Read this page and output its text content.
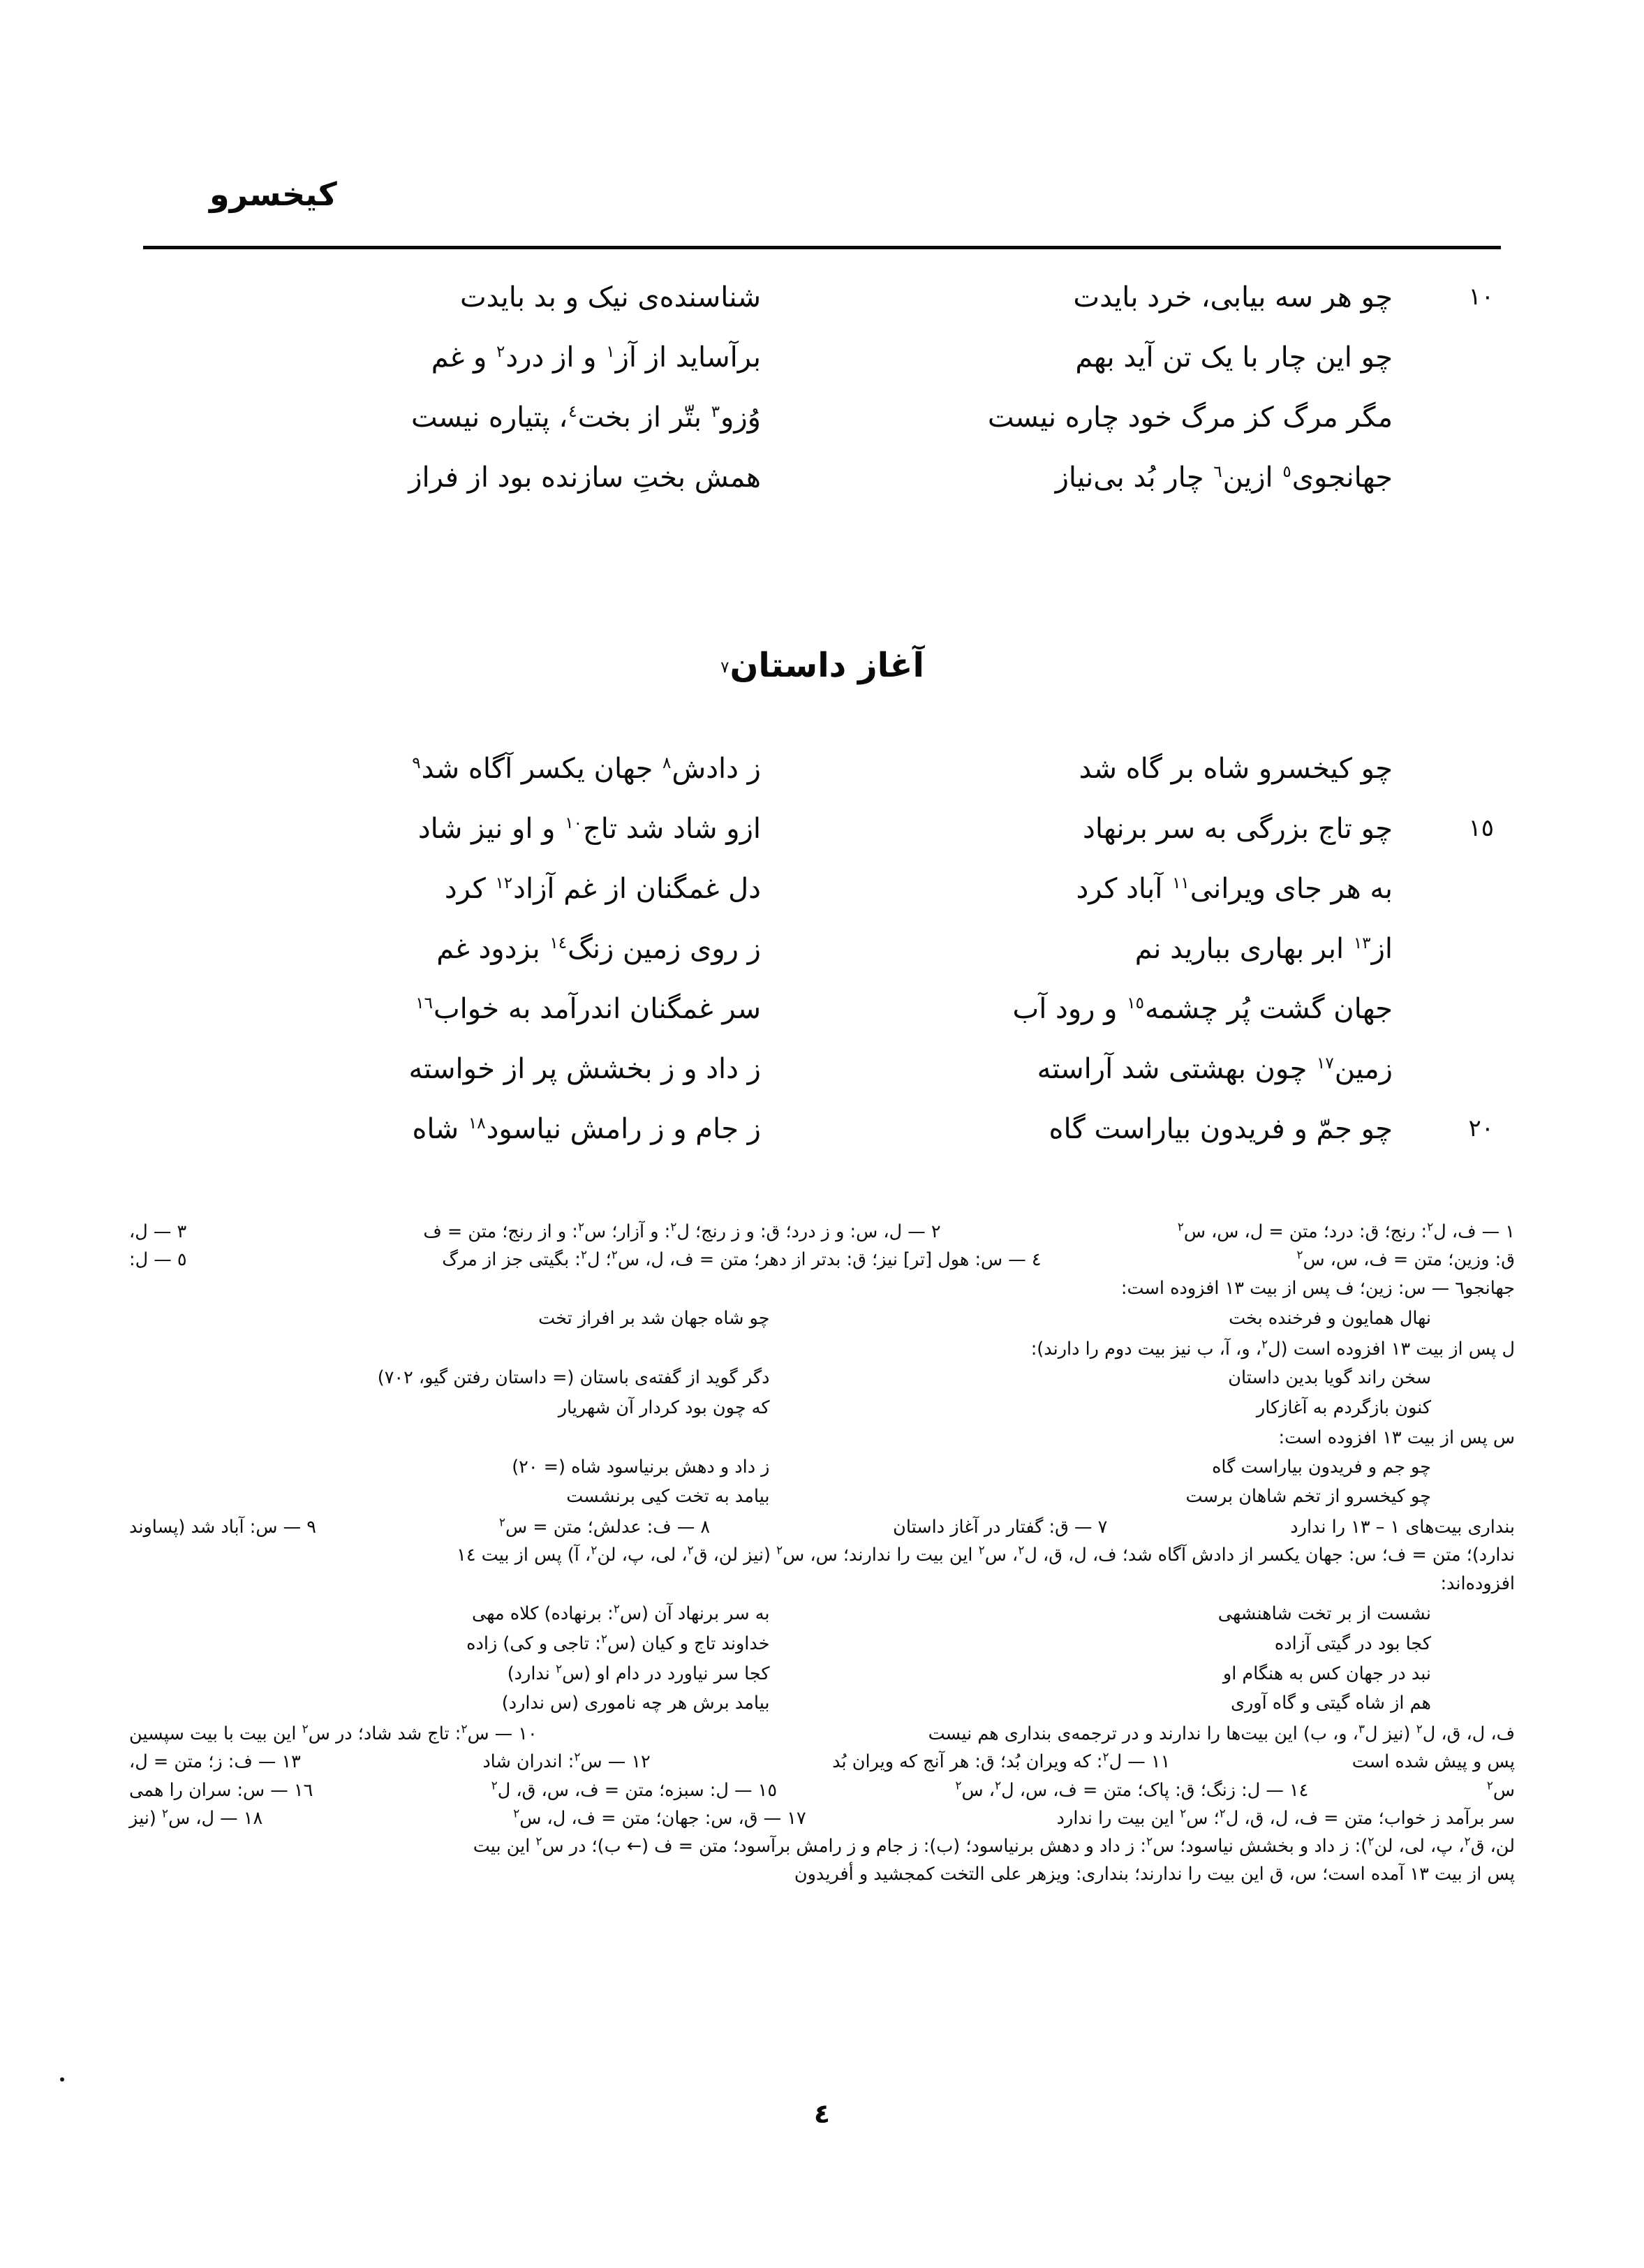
کیخسرو
١٠
چو هر سه بیابی، خرد بایدت
شناسنده‌ی نیک و بد بایدت
چو این چار با یک تن آید بهم
برآساید از آز$^١$ و از درد$^٢$ و غم
مگر مرگ کز مرگ خود چاره نیست
وُزو$^٣$ بتّر از بخت$^٤$، پتیاره نیست
جهانجوی$^٥$ ازین$^٦$ چار بُد بی‌نیاز
همش بختِ سازنده بود از فراز
آغاز داستان$^٧$
چو کیخسرو شاه بر گاه شد
ز دادش$^٨$ جهان یکسر آگاه شد$^٩$
١٥
چو تاج بزرگی به سر برنهاد
ازو شاد شد تاج$^{١٠}$ و او نیز شاد
به هر جای ویرانی$^{١١}$ آباد کرد
دل غمگنان از غم آزاد$^{١٢}$ کرد
از$^{١٣}$ ابر بهاری بباريد نم
ز روی زمین زنگ$^{١٤}$ بزدود غم
جهان گشت پُر چشمه$^{١٥}$ و رود آب
سر غمگنان اندرآمد به خواب$^{١٦}$
زمین$^{١٧}$ چون بهشتی شد آراسته
ز داد و ز بخشش پر از خواسته
٢٠
چو جمّ و فریدون بیاراست گاه
ز جام و ز رامش نیاسود$^{١٨}$ شاه
١ — ف، ل$^٢$: رنج؛ ق: درد؛ متن = ل، س، س$^٢$
٢ — ل، س: و ز درد؛ ق: و ز رنج؛ ل$^٢$: و آزار؛ س$^٢$: و از رنج؛ متن = ف
٣ — ل،
ق: وزین؛ متن = ف، س، س$^٢$
٤ — س: هول [تر] نیز؛ ق: بدتر از دهر؛ متن = ف، ل، س$^٢$؛ ل$^٢$: بگیتی جز از مرگ
٥ — ل:
جهانجو٦ — س: زین؛ ف پس از بیت ١٣ افزوده است:
نهال همایون و فرخنده بخت
چو شاه جهان شد بر افراز تخت
ل پس از بیت ١٣ افزوده است (ل$^٢$، و، آ، ب نیز بیت دوم را دارند):
سخن راند گویا بدین داستان
دگر گوید از گفته‌ی باستان (= داستان رفتن گیو، ٧٠٢)
کنون بازگردم به آغازکار
که چون بود کردار آن شهریار
س پس از بیت ١٣ افزوده است:
چو جم و فریدون بیاراست گاه
ز داد و دهش برنیاسود شاه (= ٢٠)
چو کیخسرو از تخم شاهان برست
بیامد به تخت کیی برنشست
بنداری بیت‌های ١ – ١٣ را ندارد
٧ — ق: گفتار در آغاز داستان
٨ — ف: عدلش؛ متن = س$^٢$
٩ — س: آباد شد (پساوند
ندارد)؛ متن = ف؛ س: جهان یکسر از دادش آگاه شد؛ ف، ل، ق، ل$^٢$، س$^٢$ این بیت را ندارند؛ س، س$^٢$ (نیز لن، ق$^٢$، لی، پ، لن$^٢$، آ) پس از بیت ١٤
افزوده‌اند:
نشست از بر تخت شاهنشهی
به سر برنهاد آن (س$^٢$: برنهاده) کلاه مهی
کجا بود در گیتی آزاده
خداوند تاج و کیان (س$^٢$: تاجی و کی) زاده
نبد در جهان کس به هنگام او
کجا سر نیاورد در دام او (س$^٢$ ندارد)
هم از شاه گیتی و گاه آوری
بیامد برش هر چه ناموری (س ندارد)
ف، ل، ق، ل$^٢$ (نیز ل$^٣$، و، ب) این بیت‌ها را ندارند و در ترجمه‌ی بنداری هم نیست
١٠ — س$^٢$: تاج شد شاد؛ در س$^٢$ این بیت با بیت سپسین
پس و پیش شده است
١١ — ل$^٢$: که ویران بُد؛ ق: هر آنج که ویران بُد
١٢ — س$^٢$: اندران شاد
١٣ — ف: ز؛ متن = ل،
س$^٢$
١٤ — ل: زنگ؛ ق: پاک؛ متن = ف، س، ل$^٢$، س$^٢$
١٥ — ل: سبزه؛ متن = ف، س، ق، ل$^٢$
١٦ — س: سران را همی
سر برآمد ز خواب؛ متن = ف، ل، ق، ل$^٢$؛ س$^٢$ این بیت را ندارد
١٧ — ق، س: جهان؛ متن = ف، ل، س$^٢$
١٨ — ل، س$^٢$ (نیز
لن، ق$^٢$، پ، لی، لن$^٢$): ز داد و بخشش نیاسود؛ س$^٢$: ز داد و دهش برنیاسود؛ (ب): ز جام و ز رامش برآسود؛ متن = ف (← ب)؛ در س$^٢$ این بیت
پس از بیت ١٣ آمده است؛ س، ق این بیت را ندارند؛ بنداری: ویزهر علی التخت کمجشید و أفریدون
٤
